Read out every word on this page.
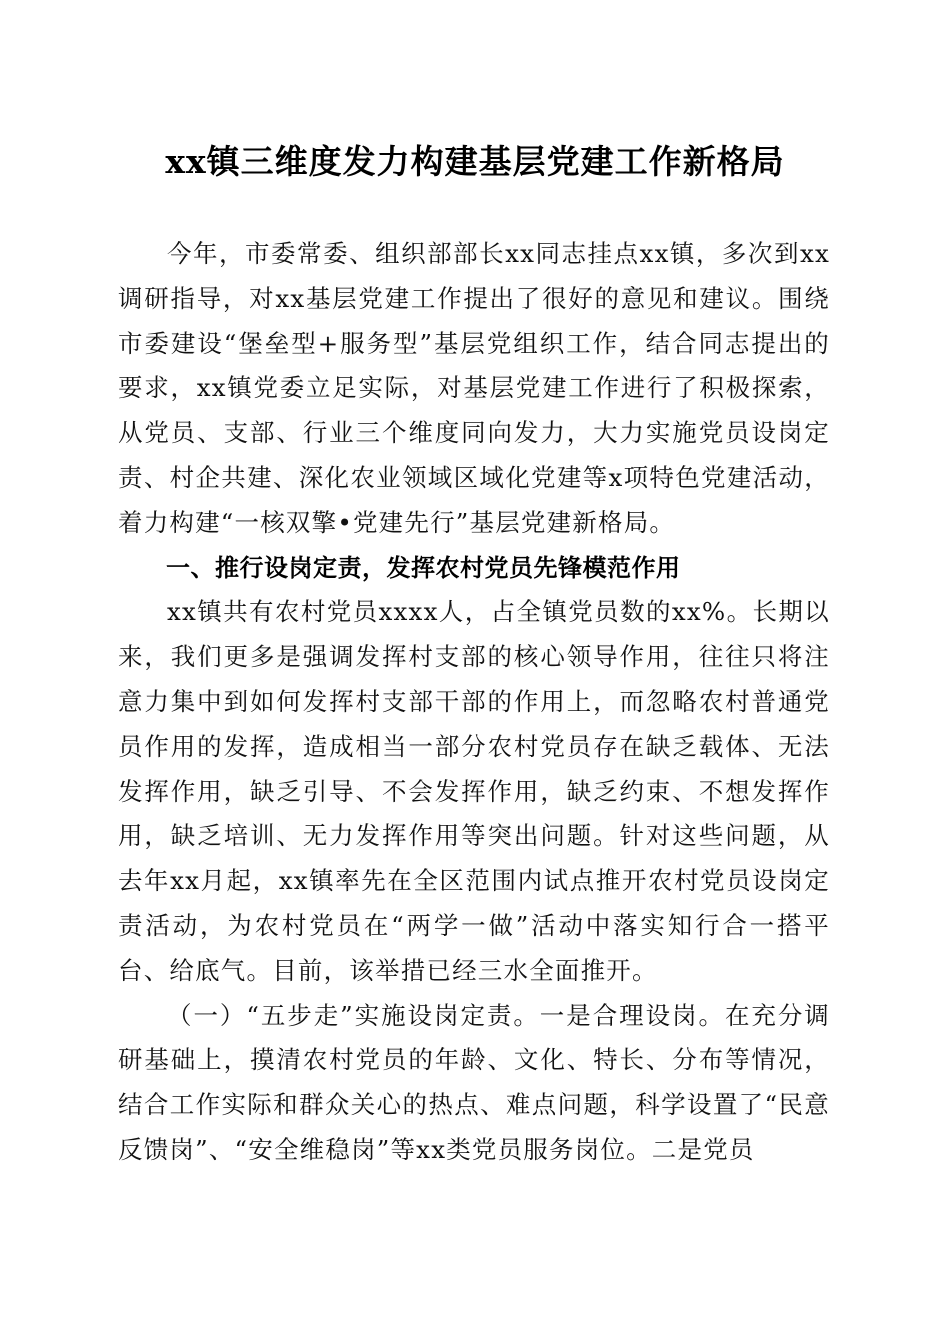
xx镇三维度发力构建基层党建工作新格局

今年，市委常委、组织部部长xx同志挂点xx镇，多次到xx调研指导，对xx基层党建工作提出了很好的意见和建议。围绕市委建设“堡垒型+服务型”基层党组织工作，结合同志提出的要求，xx镇党委立足实际，对基层党建工作进行了积极探索，从党员、支部、行业三个维度同向发力，大力实施党员设岗定责、村企共建、深化农业领域区域化党建等x项特色党建活动，着力构建“一核双擎•党建先行”基层党建新格局。

一、推行设岗定责，发挥农村党员先锋模范作用

xx镇共有农村党员xxxx人，占全镇党员数的xx%。长期以来，我们更多是强调发挥村支部的核心领导作用，往往只将注意力集中到如何发挥村支部干部的作用上，而忽略农村普通党员作用的发挥，造成相当一部分农村党员存在缺乏载体、无法发挥作用，缺乏引导、不会发挥作用，缺乏约束、不想发挥作用，缺乏培训、无力发挥作用等突出问题。针对这些问题，从去年xx月起，xx镇率先在全区范围内试点推开农村党员设岗定责活动，为农村党员在“两学一做”活动中落实知行合一搭平台、给底气。目前，该举措已经三水全面推开。

（一）“五步走”实施设岗定责。一是合理设岗。在充分调研基础上，摸清农村党员的年龄、文化、特长、分布等情况，结合工作实际和群众关心的热点、难点问题，科学设置了“民意反馈岗”、“安全维稳岗”等xx类党员服务岗位。二是党员
